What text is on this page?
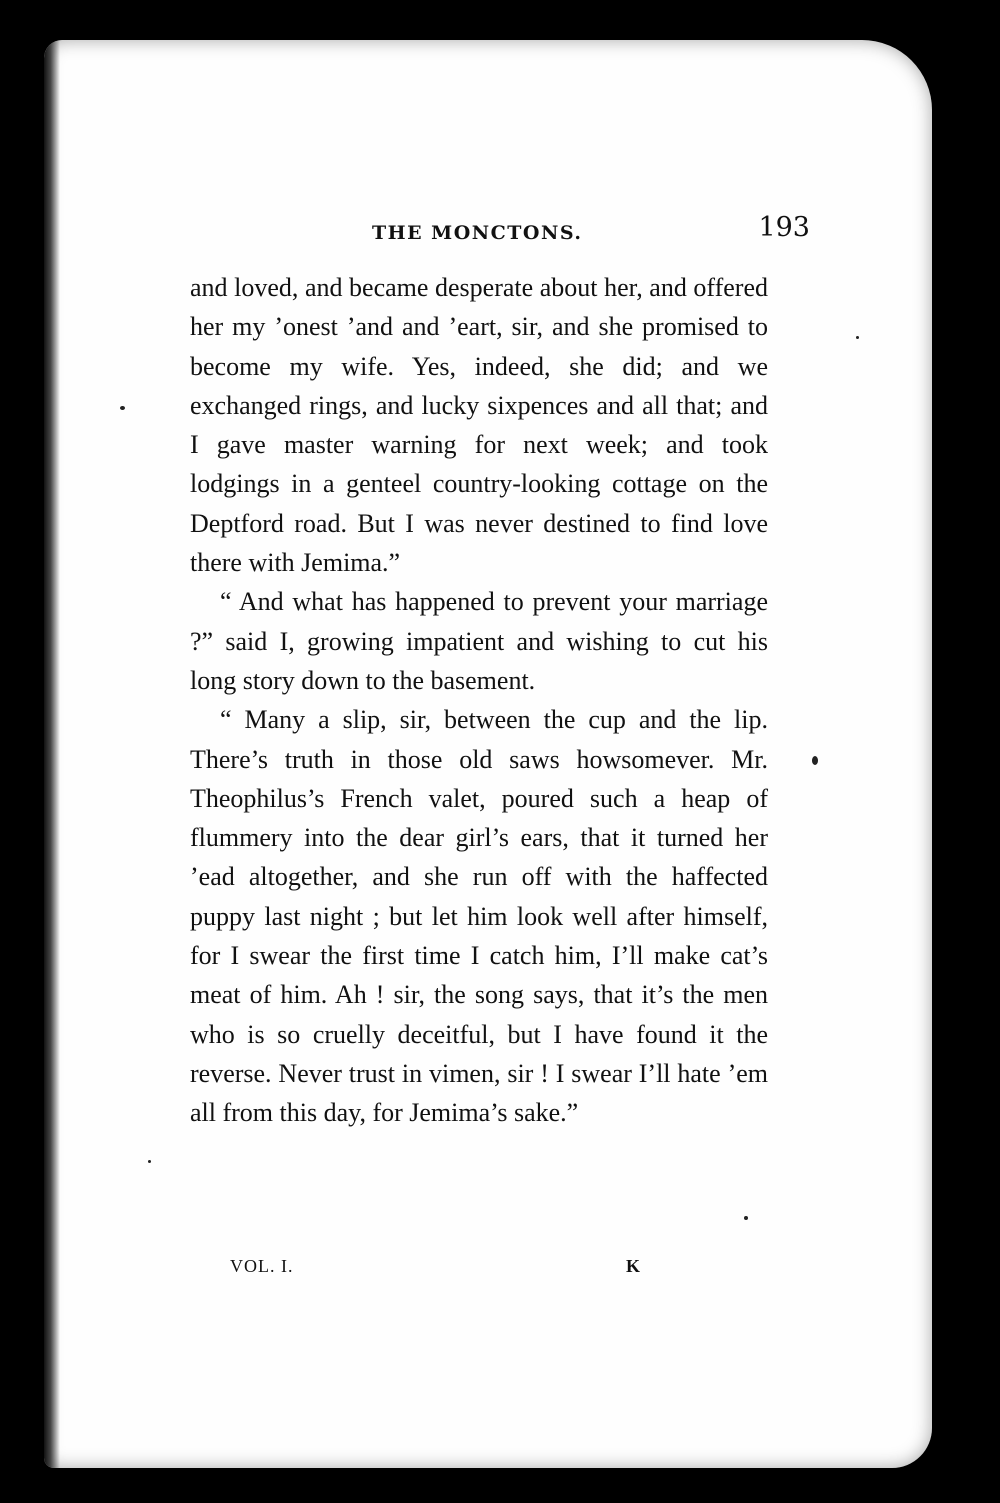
THE MONCTONS.	193

and loved, and became desperate about her, and offered her my ’onest ’and and ’eart, sir, and she promised to become my wife. Yes, indeed, she did; and we exchanged rings, and lucky sixpences and all that; and I gave master warning for next week; and took lodgings in a genteel country-looking cottage on the Deptford road. But I was never destined to find love there with Jemima.”

“ And what has happened to prevent your marriage ?” said I, growing impatient and wishing to cut his long story down to the basement.

“ Many a slip, sir, between the cup and the lip. There’s truth in those old saws howsomever. Mr. Theophilus’s French valet, poured such a heap of flummery into the dear girl’s ears, that it turned her ’ead altogether, and she run off with the haffected puppy last night ; but let him look well after himself, for I swear the first time I catch him, I’ll make cat’s meat of him. Ah ! sir, the song says, that it’s the men who is so cruelly deceitful, but I have found it the reverse. Never trust in vimen, sir ! I swear I’ll hate ’em all from this day, for Jemima’s sake.”

VOL. I.	K
